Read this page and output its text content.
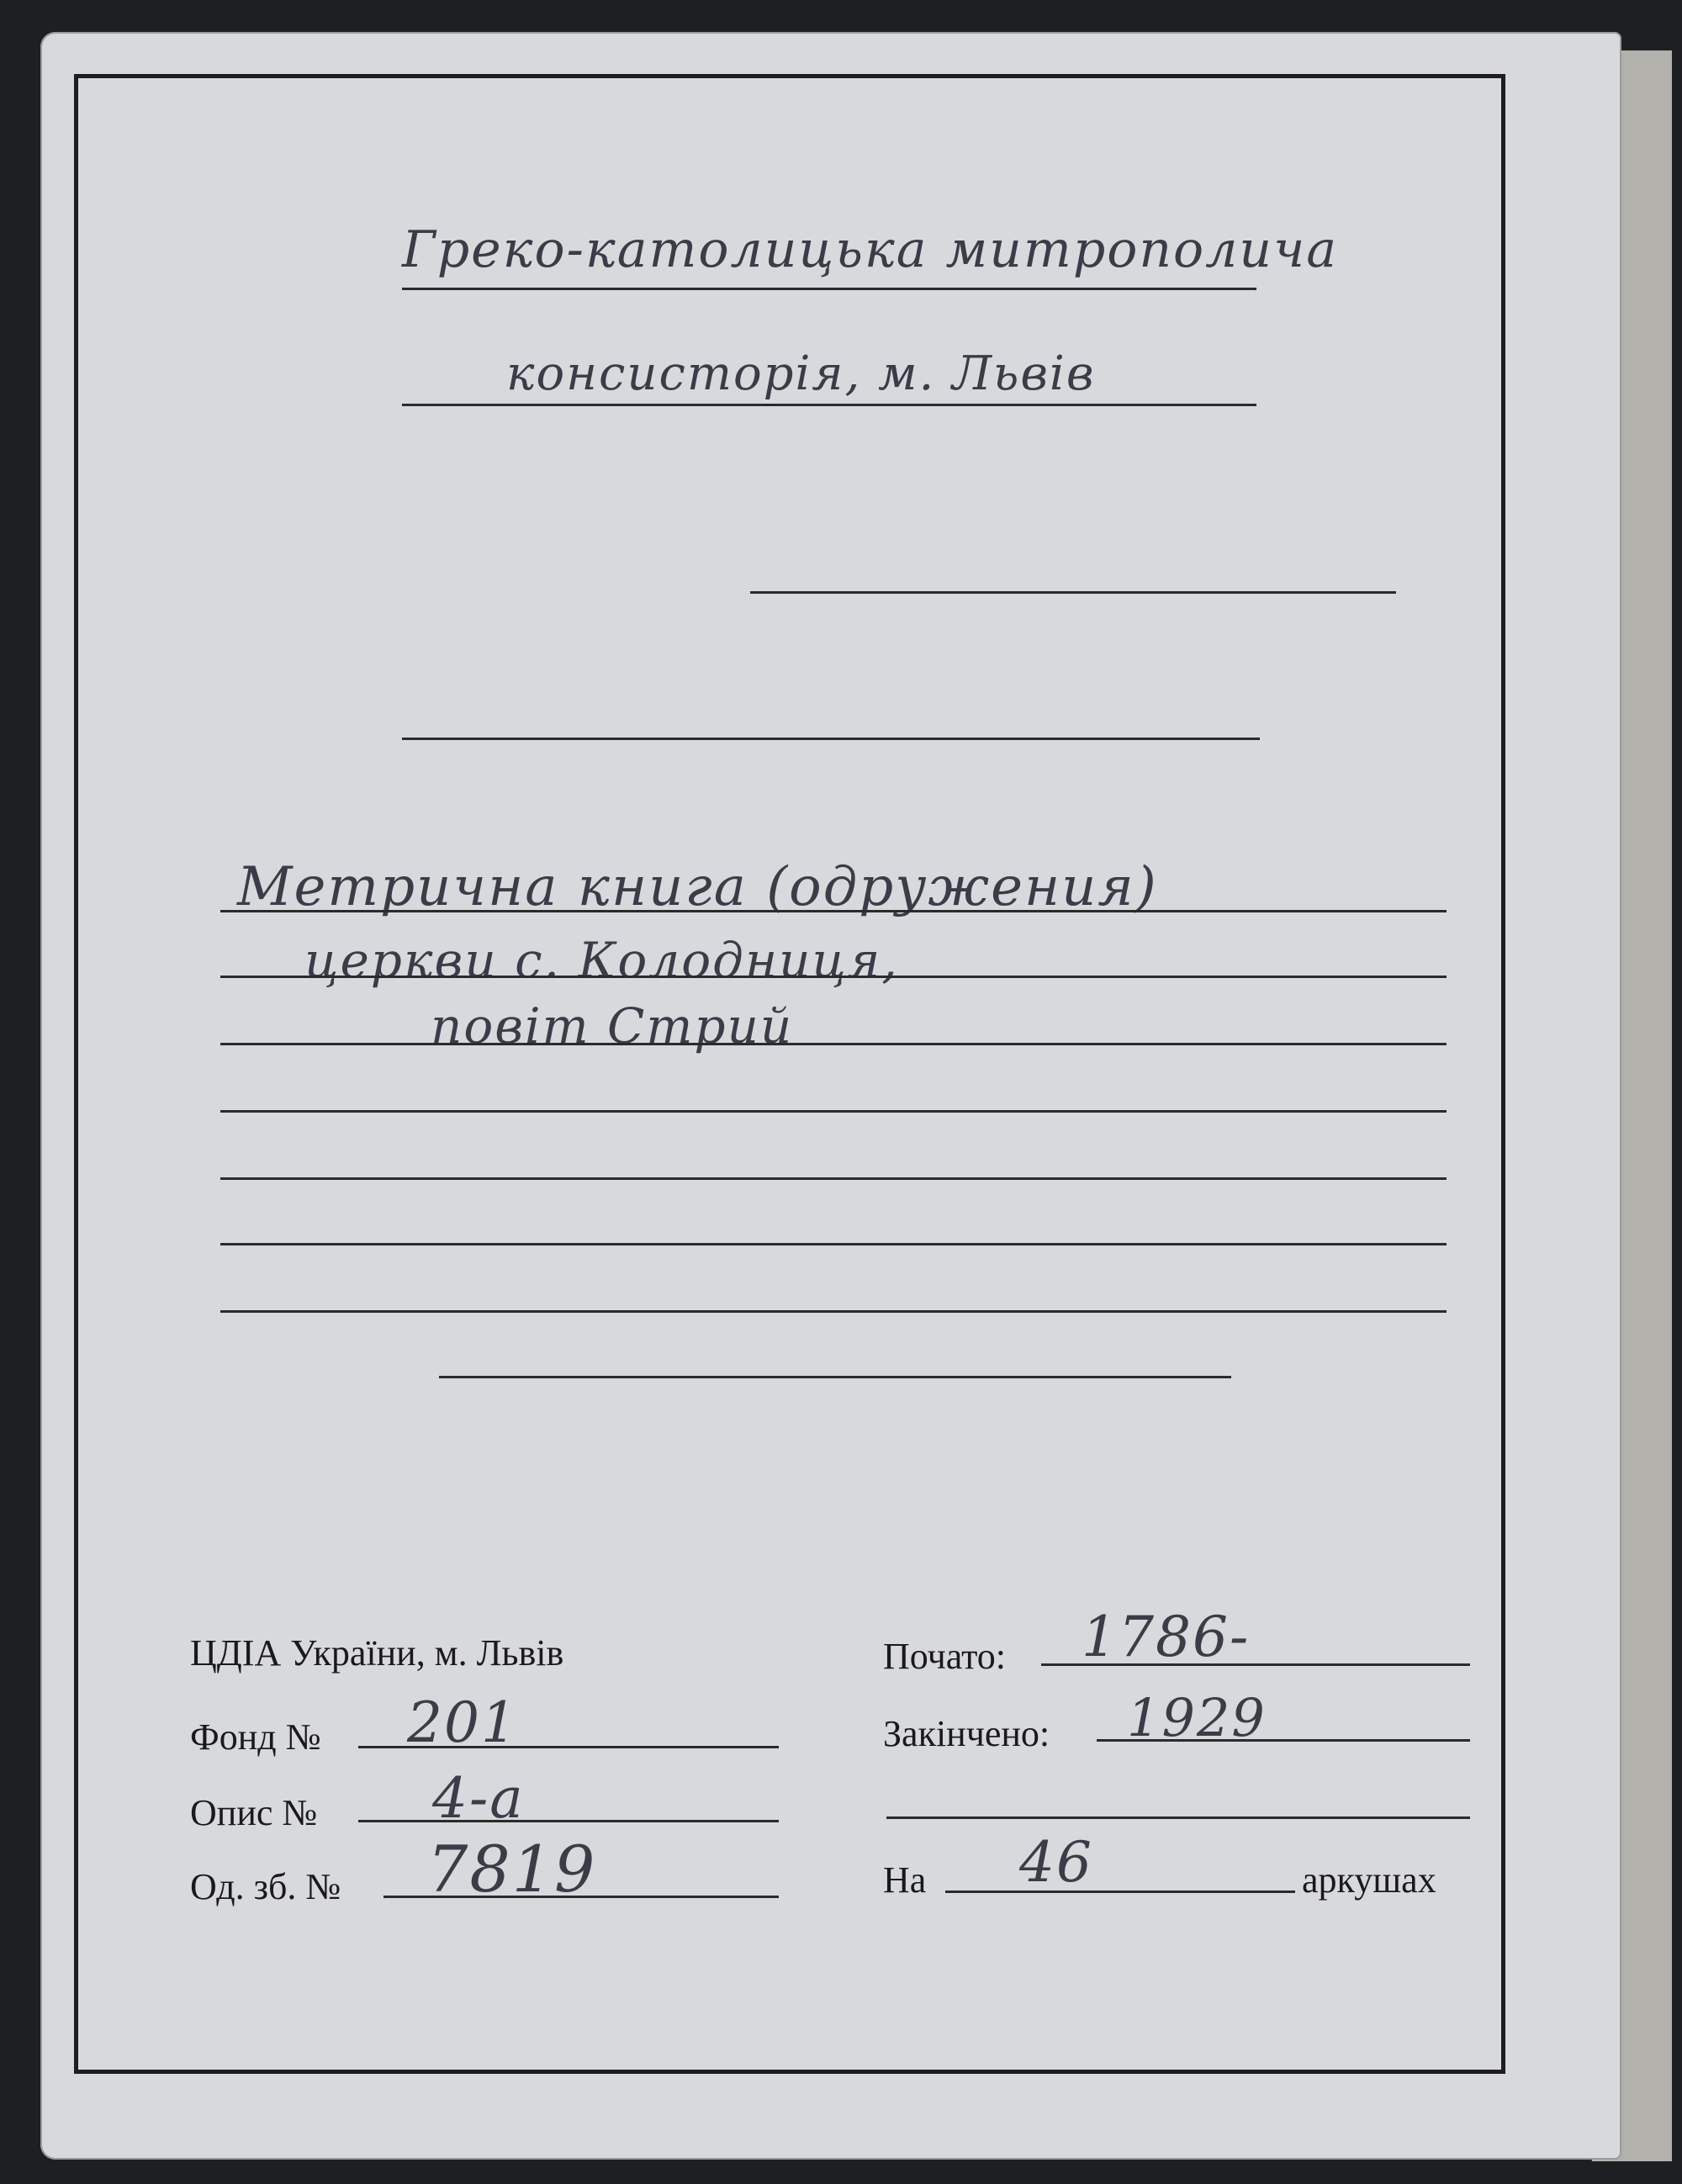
Греко-католицька митрополича
консисторія, м. Львів
Метрична книга (одружения)
церкви с. Колодниця,
повіт Стрий
ЦДІА України, м. Львів
Фонд № 201
Опис № 4-а
Од. зб. № 7819
Почато: 1786-
Закінчено: 1929
На 46	аркушах
